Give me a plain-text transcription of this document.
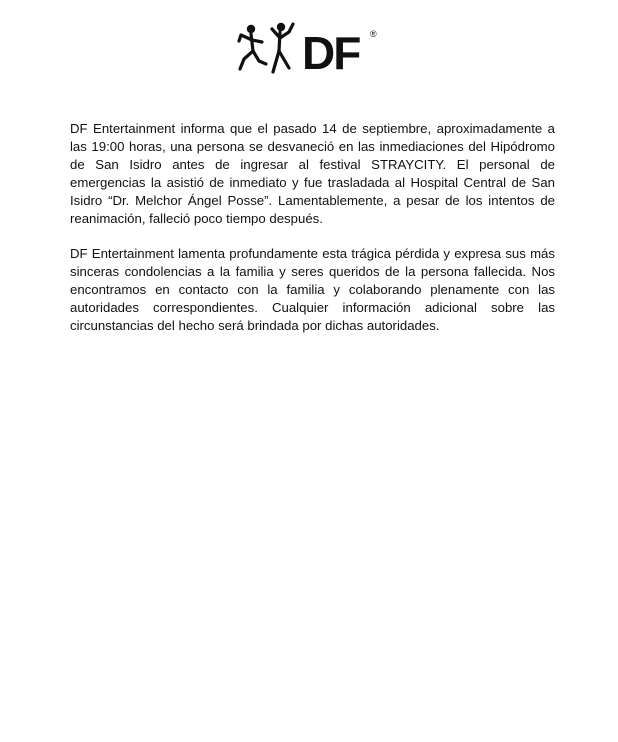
DF ®

DF Entertainment informa que el pasado 14 de septiembre, aproximadamente a las 19:00 horas, una persona se desvaneció en las inmediaciones del Hipódromo de San Isidro antes de ingresar al festival STRAYCITY. El personal de emergencias la asistió de inmediato y fue trasladada al Hospital Central de San Isidro “Dr. Melchor Ángel Posse”. Lamentablemente, a pesar de los intentos de reanimación, falleció poco tiempo después.

DF Entertainment lamenta profundamente esta trágica pérdida y expresa sus más sinceras condolencias a la familia y seres queridos de la persona fallecida. Nos encontramos en contacto con la familia y colaborando plenamente con las autoridades correspondientes. Cualquier información adicional sobre las circunstancias del hecho será brindada por dichas autoridades.
